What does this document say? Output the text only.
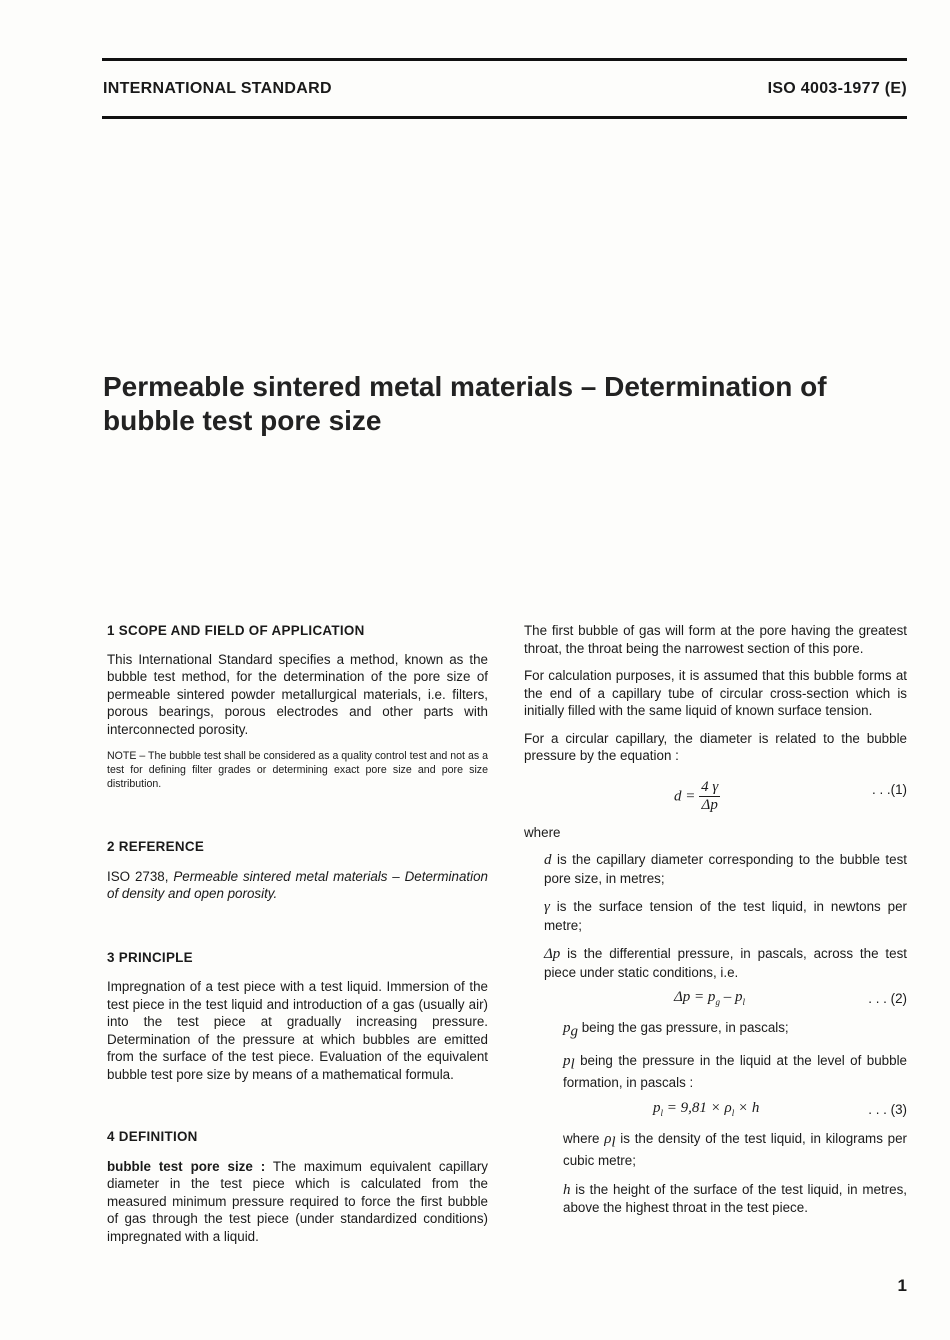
INTERNATIONAL STANDARD	ISO 4003-1977 (E)
Permeable sintered metal materials – Determination of bubble test pore size
1 SCOPE AND FIELD OF APPLICATION

This International Standard specifies a method, known as the bubble test method, for the determination of the pore size of permeable sintered powder metallurgical materials, i.e. filters, porous bearings, porous electrodes and other parts with interconnected porosity.

NOTE – The bubble test shall be considered as a quality control test and not as a test for defining filter grades or determining exact pore size and pore size distribution.
2 REFERENCE

ISO 2738, Permeable sintered metal materials – Determination of density and open porosity.

3 PRINCIPLE

Impregnation of a test piece with a test liquid. Immersion of the test piece in the test liquid and introduction of a gas (usually air) into the test piece at gradually increasing pressure. Determination of the pressure at which bubbles are emitted from the surface of the test piece. Evaluation of the equivalent bubble test pore size by means of a mathematical formula.

4 DEFINITION

bubble test pore size : The maximum equivalent capillary diameter in the test piece which is calculated from the measured minimum pressure required to force the first bubble of gas through the test piece (under standardized conditions) impregnated with a liquid.

The first bubble of gas will form at the pore having the greatest throat, the throat being the narrowest section of this pore.

For calculation purposes, it is assumed that this bubble forms at the end of a capillary tube of circular cross-section which is initially filled with the same liquid of known surface tension.

For a circular capillary, the diameter is related to the bubble pressure by the equation :

$d = \frac{4 \gamma}{\Delta p}$	. . .(1)

where

d is the capillary diameter corresponding to the bubble test pore size, in metres;

γ is the surface tension of the test liquid, in newtons per metre;

Δp is the differential pressure, in pascals, across the test piece under static conditions, i.e.

$\Delta p = p_g - p_l$	. . . (2)

$p_g$ being the gas pressure, in pascals;

$p_l$ being the pressure in the liquid at the level of bubble formation, in pascals :

$p_l = 9,81 \times \rho_l \times h$	. . . (3)

where $\rho_l$ is the density of the test liquid, in kilograms per cubic metre;

h is the height of the surface of the test liquid, in metres, above the highest throat in the test piece.

1
